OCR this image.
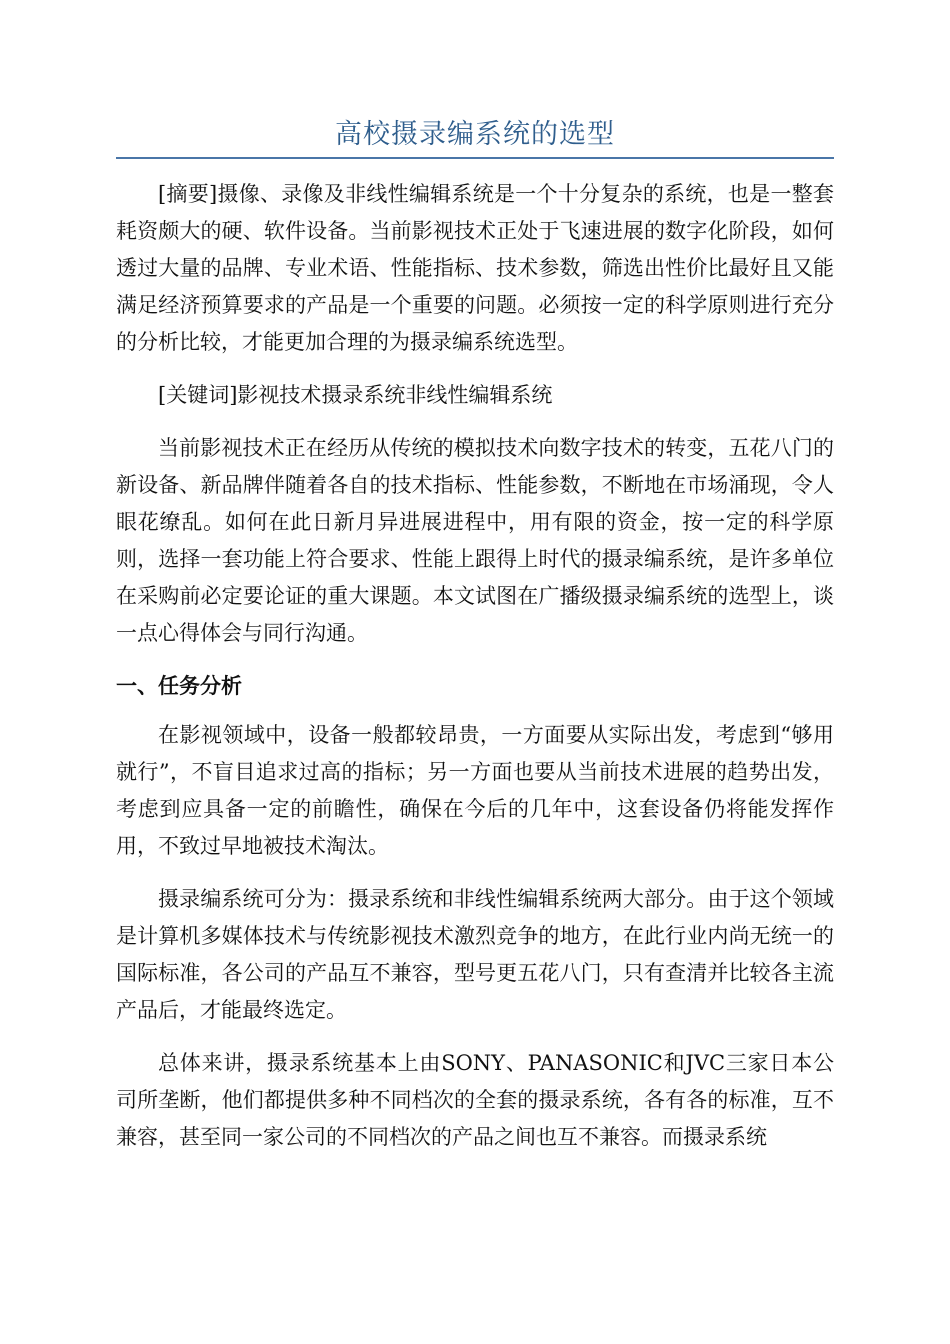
高校摄录编系统的选型

[摘要]摄像、录像及非线性编辑系统是一个十分复杂的系统，也是一整套耗资颇大的硬、软件设备。当前影视技术正处于飞速进展的数字化阶段，如何透过大量的品牌、专业术语、性能指标、技术参数，筛选出性价比最好且又能满足经济预算要求的产品是一个重要的问题。必须按一定的科学原则进行充分的分析比较，才能更加合理的为摄录编系统选型。

[关键词]影视技术摄录系统非线性编辑系统

当前影视技术正在经历从传统的模拟技术向数字技术的转变，五花八门的新设备、新品牌伴随着各自的技术指标、性能参数，不断地在市场涌现，令人眼花缭乱。如何在此日新月异进展进程中，用有限的资金，按一定的科学原则，选择一套功能上符合要求、性能上跟得上时代的摄录编系统，是许多单位在采购前必定要论证的重大课题。本文试图在广播级摄录编系统的选型上，谈一点心得体会与同行沟通。

一、任务分析

在影视领域中，设备一般都较昂贵，一方面要从实际出发，考虑到“够用就行”，不盲目追求过高的指标；另一方面也要从当前技术进展的趋势出发，考虑到应具备一定的前瞻性，确保在今后的几年中，这套设备仍将能发挥作用，不致过早地被技术淘汰。

摄录编系统可分为：摄录系统和非线性编辑系统两大部分。由于这个领域是计算机多媒体技术与传统影视技术激烈竞争的地方，在此行业内尚无统一的国际标准，各公司的产品互不兼容，型号更五花八门，只有查清并比较各主流产品后，才能最终选定。

总体来讲，摄录系统基本上由SONY、PANASONIC和JVC三家日本公司所垄断，他们都提供多种不同档次的全套的摄录系统，各有各的标准，互不兼容，甚至同一家公司的不同档次的产品之间也互不兼容。而摄录系统
